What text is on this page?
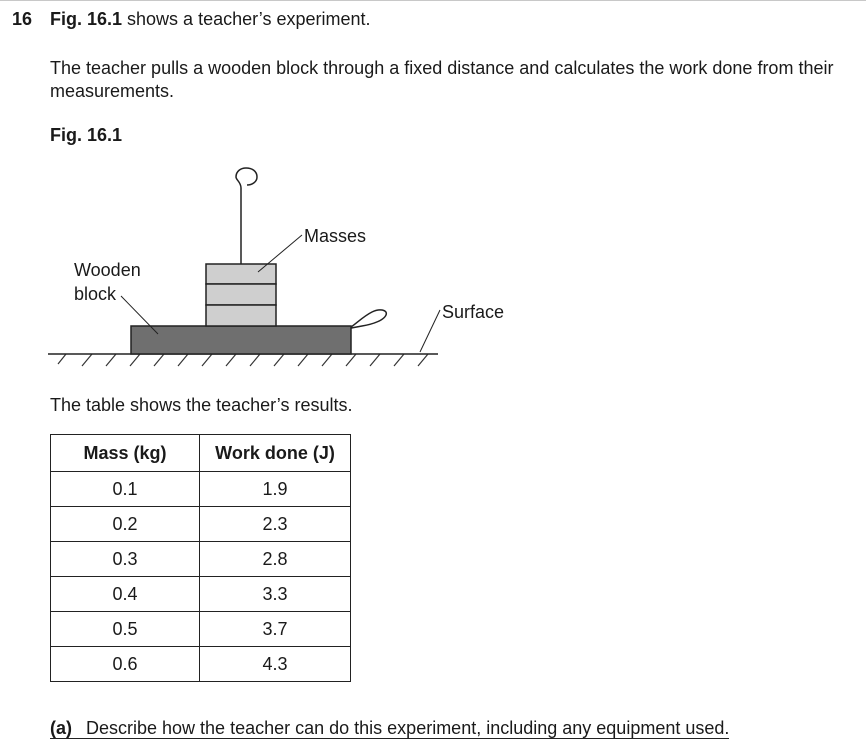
16 Fig. 16.1 shows a teacher’s experiment.
The teacher pulls a wooden block through a fixed distance and calculates the work done from their measurements.
Fig. 16.1
Wooden
block
Masses
Surface
The table shows the teacher’s results.
Mass (kg)	Work done (J)
0.1	1.9
0.2	2.3
0.3	2.8
0.4	3.3
0.5	3.7
0.6	4.3
(a) Describe how the teacher can do this experiment, including any equipment used.
